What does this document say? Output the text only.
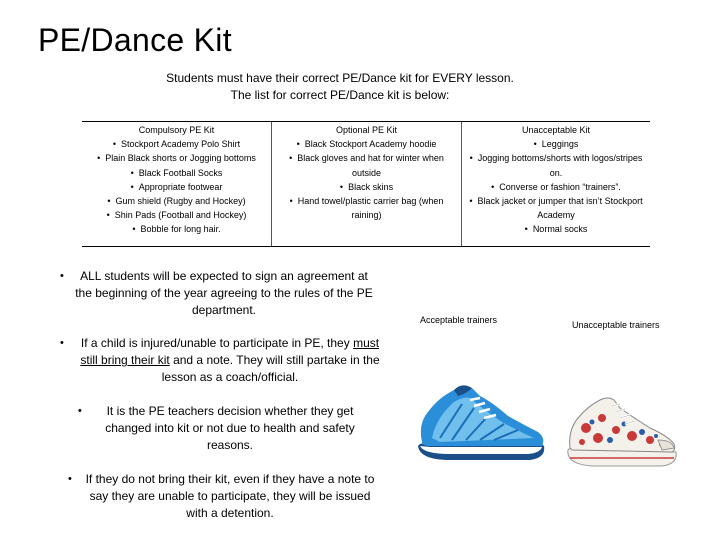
PE/Dance Kit
Students must have their correct PE/Dance kit for EVERY lesson.
The list for correct PE/Dance kit is below:
Compulsory PE Kit
• Stockport Academy Polo Shirt
• Plain Black shorts or Jogging bottoms
• Black Football Socks
• Appropriate footwear
• Gum shield (Rugby and Hockey)
• Shin Pads (Football and Hockey)
• Bobble for long hair.
Optional PE Kit
• Black Stockport Academy hoodie
• Black gloves and hat for winter when outside
• Black skins
• Hand towel/plastic carrier bag (when raining)
Unacceptable Kit
• Leggings
• Jogging bottoms/shorts with logos/stripes on.
• Converse or fashion “trainers”.
• Black jacket or jumper that isn’t Stockport Academy
• Normal socks
• ALL students will be expected to sign an agreement at the beginning of the year agreeing to the rules of the PE department.
• If a child is injured/unable to participate in PE, they must still bring their kit and a note. They will still partake in the lesson as a coach/official.
• It is the PE teachers decision whether they get changed into kit or not due to health and safety reasons.
• If they do not bring their kit, even if they have a note to say they are unable to participate, they will be issued with a detention.
Acceptable trainers	Unacceptable trainers
